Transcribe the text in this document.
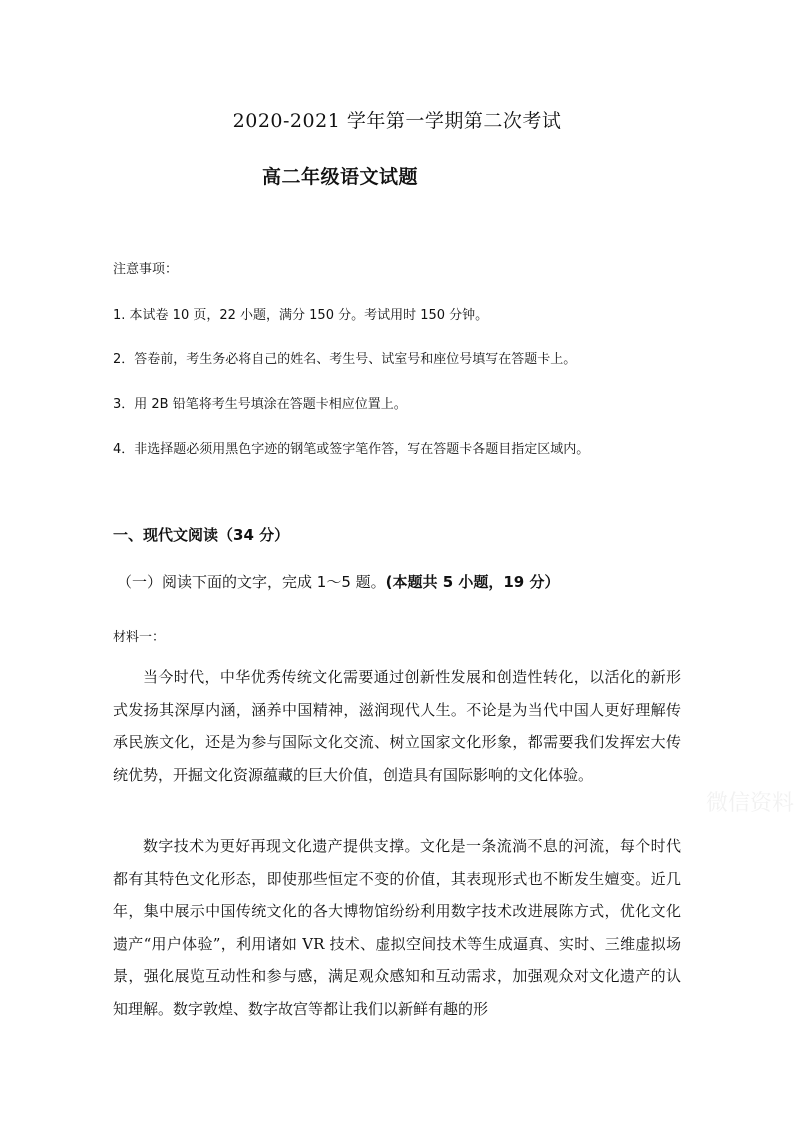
2020-2021 学年第一学期第二次考试
高二年级语文试题
注意事项：
1. 本试卷 10 页，22 小题，满分 150 分。考试用时 150 分钟。
2．答卷前，考生务必将自己的姓名、考生号、试室号和座位号填写在答题卡上。
3．用 2B 铅笔将考生号填涂在答题卡相应位置上。
4．非选择题必须用黑色字迹的钢笔或签字笔作答，写在答题卡各题目指定区域内。
一、现代文阅读（34 分）
（一）阅读下面的文字，完成 1～5 题。(本题共 5 小题，19 分）
材料一：
当今时代，中华优秀传统文化需要通过创新性发展和创造性转化，以活化的新形式发扬其深厚内涵，涵养中国精神，滋润现代人生。不论是为当代中国人更好理解传承民族文化，还是为参与国际文化交流、树立国家文化形象，都需要我们发挥宏大传统优势，开掘文化资源蕴藏的巨大价值，创造具有国际影响的文化体验。
数字技术为更好再现文化遗产提供支撑。文化是一条流淌不息的河流，每个时代都有其特色文化形态，即使那些恒定不变的价值，其表现形式也不断发生嬗变。近几年，集中展示中国传统文化的各大博物馆纷纷利用数字技术改进展陈方式，优化文化遗产“用户体验”，利用诸如 VR 技术、虚拟空间技术等生成逼真、实时、三维虚拟场景，强化展览互动性和参与感，满足观众感知和互动需求，加强观众对文化遗产的认知理解。数字敦煌、数字故宫等都让我们以新鲜有趣的形
微信资料
